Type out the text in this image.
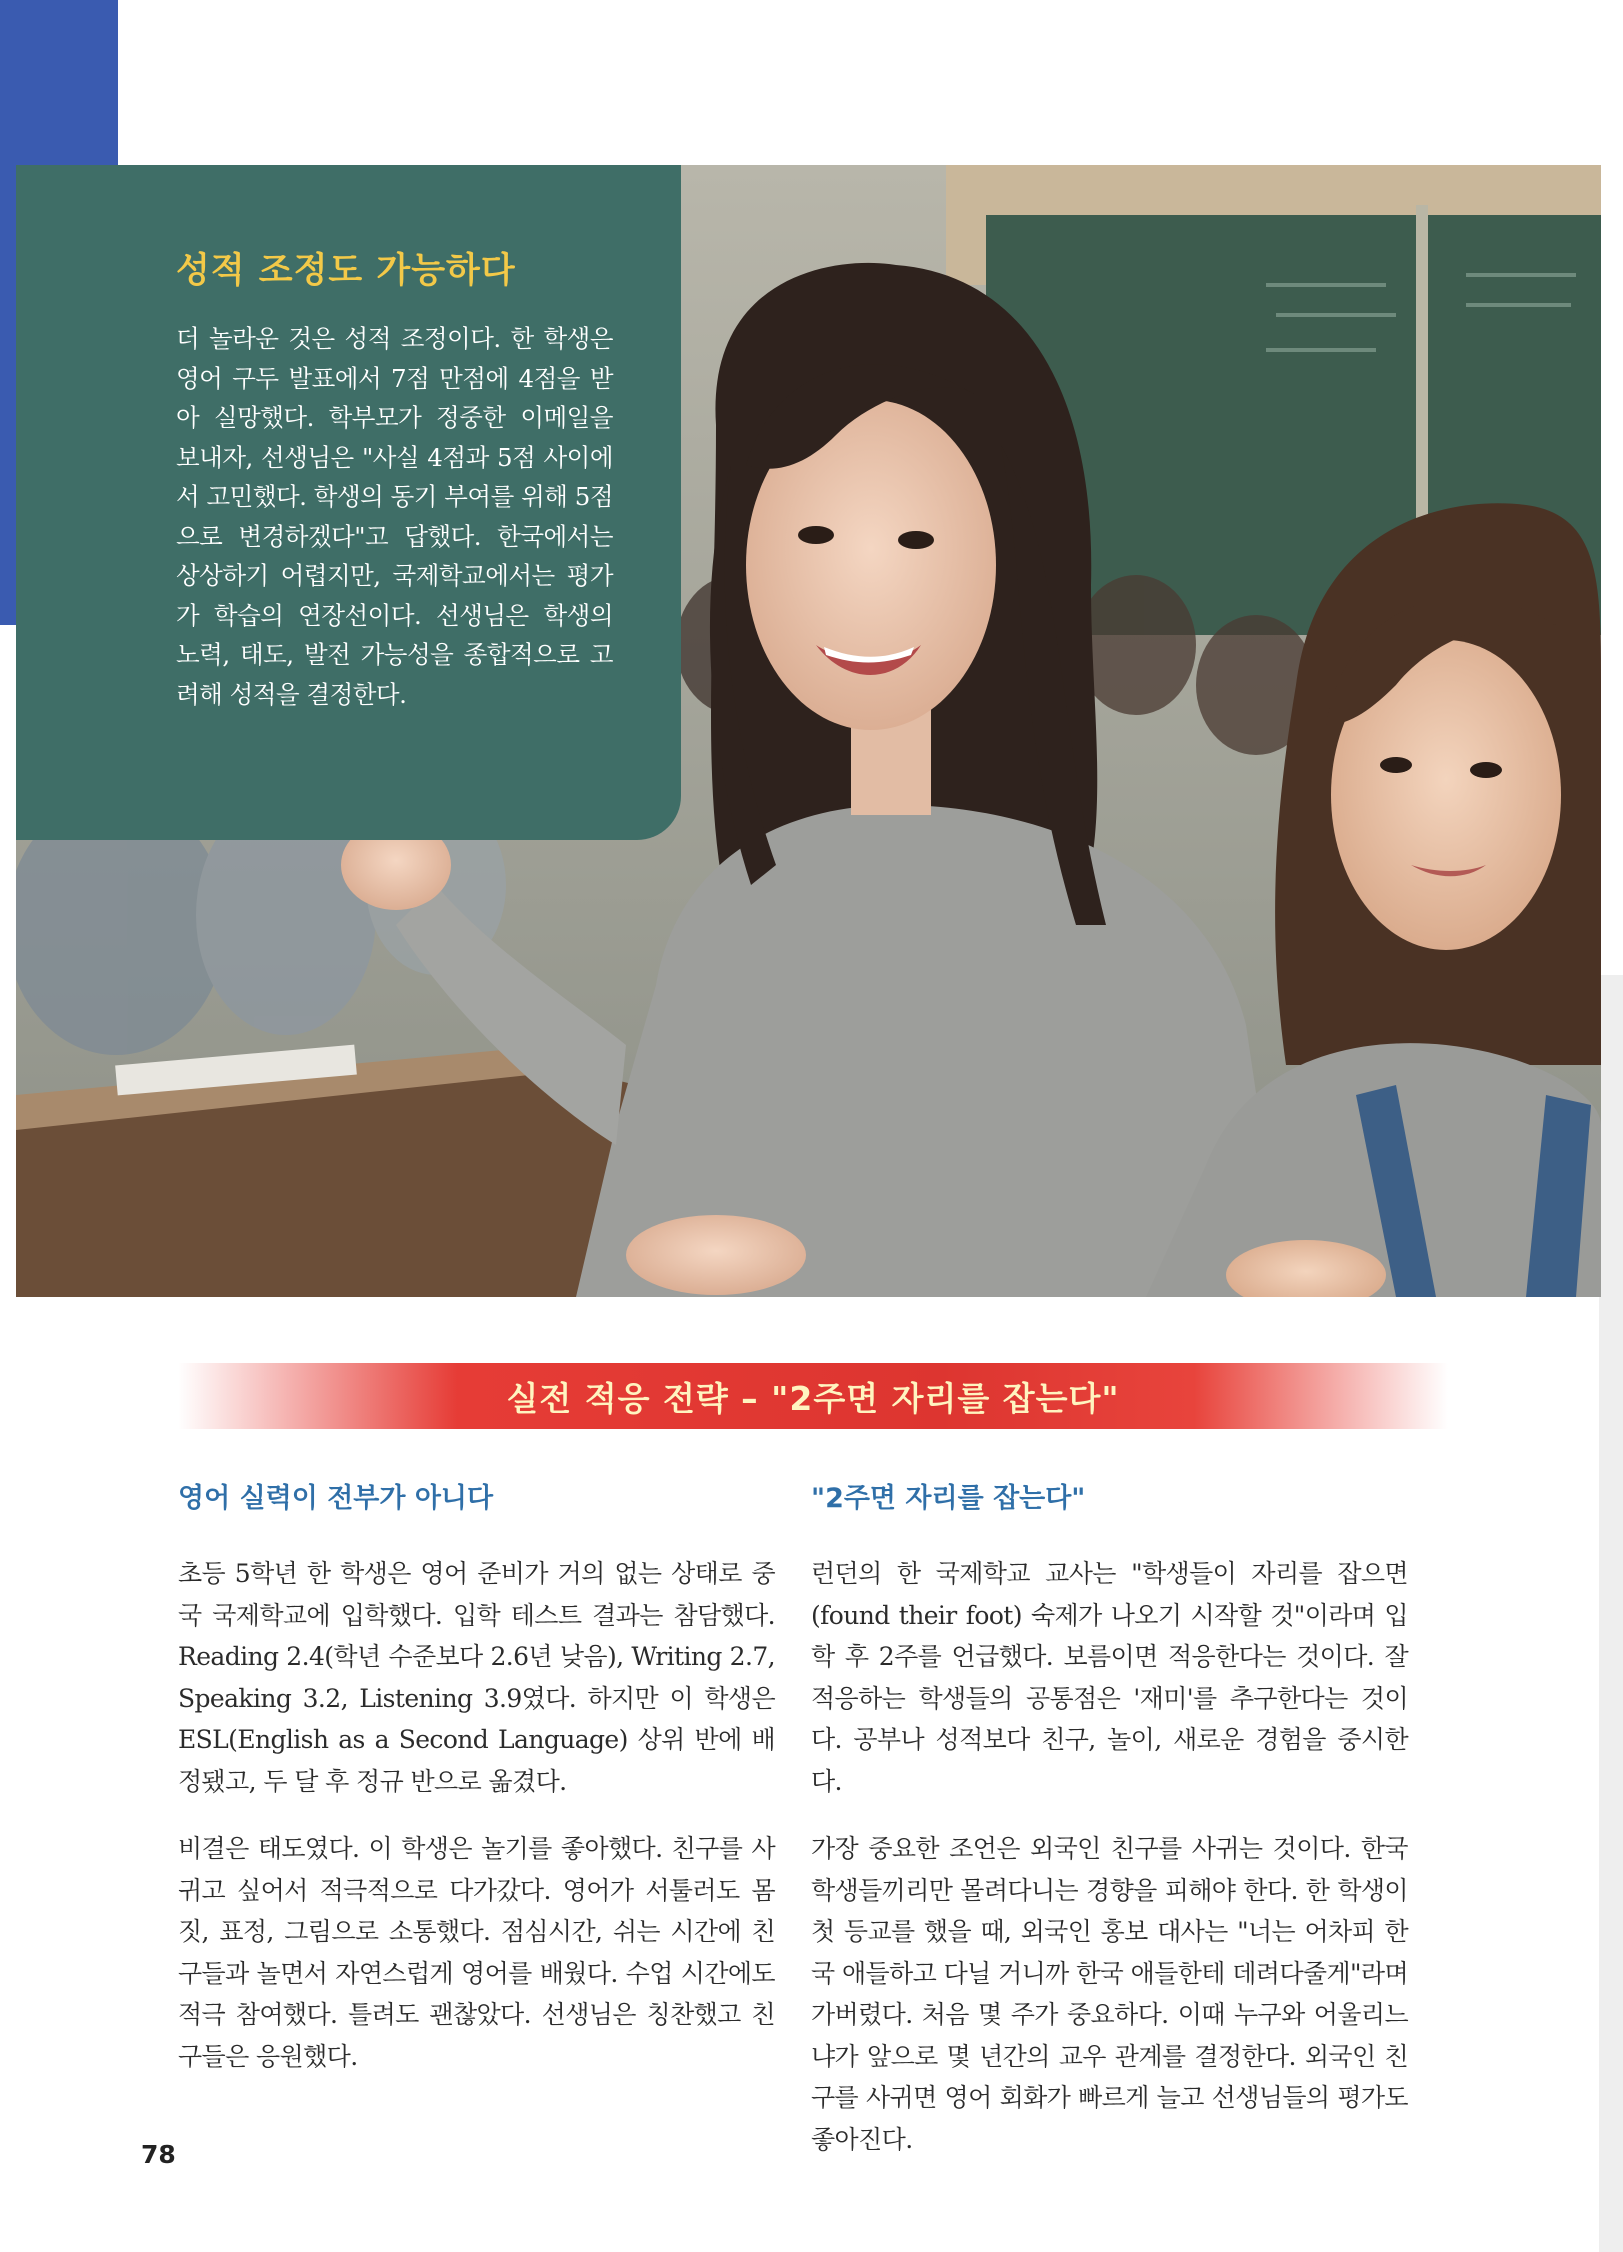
성적 조정도 가능하다

더 놀라운 것은 성적 조정이다. 한 학생은 영어 구두 발표에서 7점 만점에 4점을 받아 실망했다. 학부모가 정중한 이메일을 보내자, 선생님은 "사실 4점과 5점 사이에서 고민했다. 학생의 동기 부여를 위해 5점으로 변경하겠다"고 답했다. 한국에서는 상상하기 어렵지만, 국제학교에서는 평가가 학습의 연장선이다. 선생님은 학생의 노력, 태도, 발전 가능성을 종합적으로 고려해 성적을 결정한다.

실전 적응 전략 – "2주면 자리를 잡는다"
영어 실력이 전부가 아니다

초등 5학년 한 학생은 영어 준비가 거의 없는 상태로 중국 국제학교에 입학했다. 입학 테스트 결과는 참담했다. Reading 2.4(학년 수준보다 2.6년 낮음), Writing 2.7, Speaking 3.2, Listening 3.9였다. 하지만 이 학생은 ESL(English as a Second Language) 상위 반에 배정됐고, 두 달 후 정규 반으로 옮겼다.

비결은 태도였다. 이 학생은 놀기를 좋아했다. 친구를 사귀고 싶어서 적극적으로 다가갔다. 영어가 서툴러도 몸짓, 표정, 그림으로 소통했다. 점심시간, 쉬는 시간에 친구들과 놀면서 자연스럽게 영어를 배웠다. 수업 시간에도 적극 참여했다. 틀려도 괜찮았다. 선생님은 칭찬했고 친구들은 응원했다.

"2주면 자리를 잡는다"

런던의 한 국제학교 교사는 "학생들이 자리를 잡으면(found their foot) 숙제가 나오기 시작할 것"이라며 입학 후 2주를 언급했다. 보름이면 적응한다는 것이다. 잘 적응하는 학생들의 공통점은 '재미'를 추구한다는 것이다. 공부나 성적보다 친구, 놀이, 새로운 경험을 중시한다.

가장 중요한 조언은 외국인 친구를 사귀는 것이다. 한국 학생들끼리만 몰려다니는 경향을 피해야 한다. 한 학생이 첫 등교를 했을 때, 외국인 홍보 대사는 "너는 어차피 한국 애들하고 다닐 거니까 한국 애들한테 데려다줄게"라며 가버렸다. 처음 몇 주가 중요하다. 이때 누구와 어울리느냐가 앞으로 몇 년간의 교우 관계를 결정한다. 외국인 친구를 사귀면 영어 회화가 빠르게 늘고 선생님들의 평가도 좋아진다.

78
